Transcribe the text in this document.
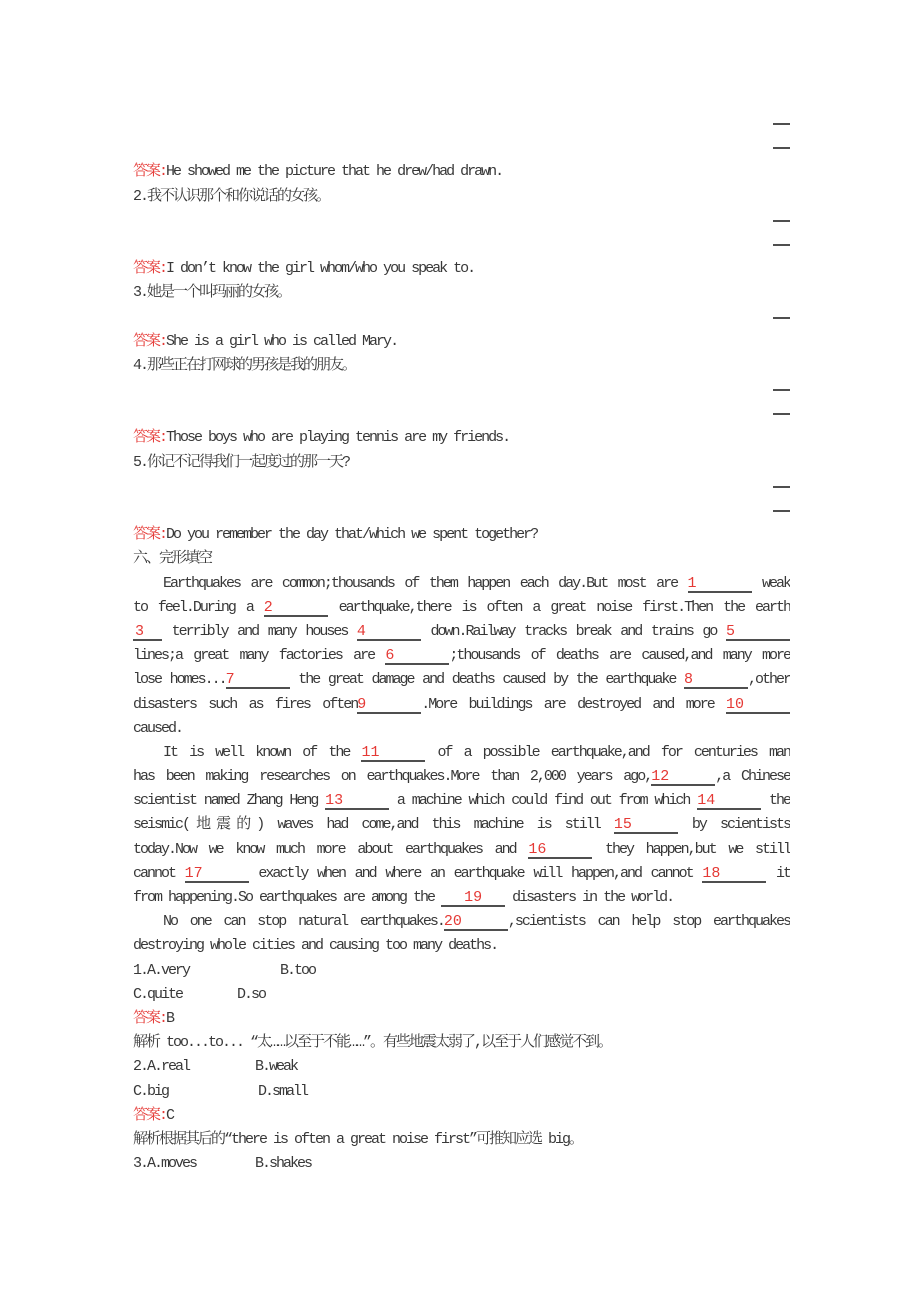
答案:He showed me the picture that he drew/had drawn.
2.我不认识那个和你说话的女孩。
答案:I don’t know the girl whom/who you speak to.
3.她是一个叫玛丽的女孩。
答案:She is a girl who is called Mary.
4.那些正在打网球的男孩是我的朋友。
答案:Those boys who are playing tennis are my friends.
5.你记不记得我们一起度过的那一天?
答案:Do you remember the day that/which we spent together?
六、完形填空
Earthquakes are common;thousands of them happen each day.But most are 1	weak
to feel.During a 2	earthquake,there is often a great noise first.Then the earth
3 terribly and many houses 4	down.Railway tracks break and trains go 5
lines;a great many factories are 6	;thousands of deaths are caused,and many more
lose homes...7	the great damage and deaths caused by the earthquake 8	,other
disasters such as fires often9	.More buildings are destroyed and more 10
caused.
It is well known of the 11	of a possible earthquake,and for centuries man
has been making researches on earthquakes.More than 2,000 years ago,12	,a Chinese
scientist named Zhang Heng 13	a machine which could find out from which 14	the
seismic(地震的) waves had come,and this machine is still 15	by scientists
today.Now we know much more about earthquakes and 16	they happen,but we still
cannot 17	exactly when and where an earthquake will happen,and cannot 18	it
from happening.So earthquakes are among the 19 disasters in the world.
No one can stop natural earthquakes.20	,scientists can help stop earthquakes
destroying whole cities and causing too many deaths.
1.A.very	B.too
C.quite	D.so
答案:B
解析 too...to... “太……以至于不能……”。有些地震太弱了,以至于人们感觉不到。
2.A.real	B.weak
C.big	D.small
答案:C
解析根据其后的“there is often a great noise first”可推知应选 big。
3.A.moves	B.shakes
